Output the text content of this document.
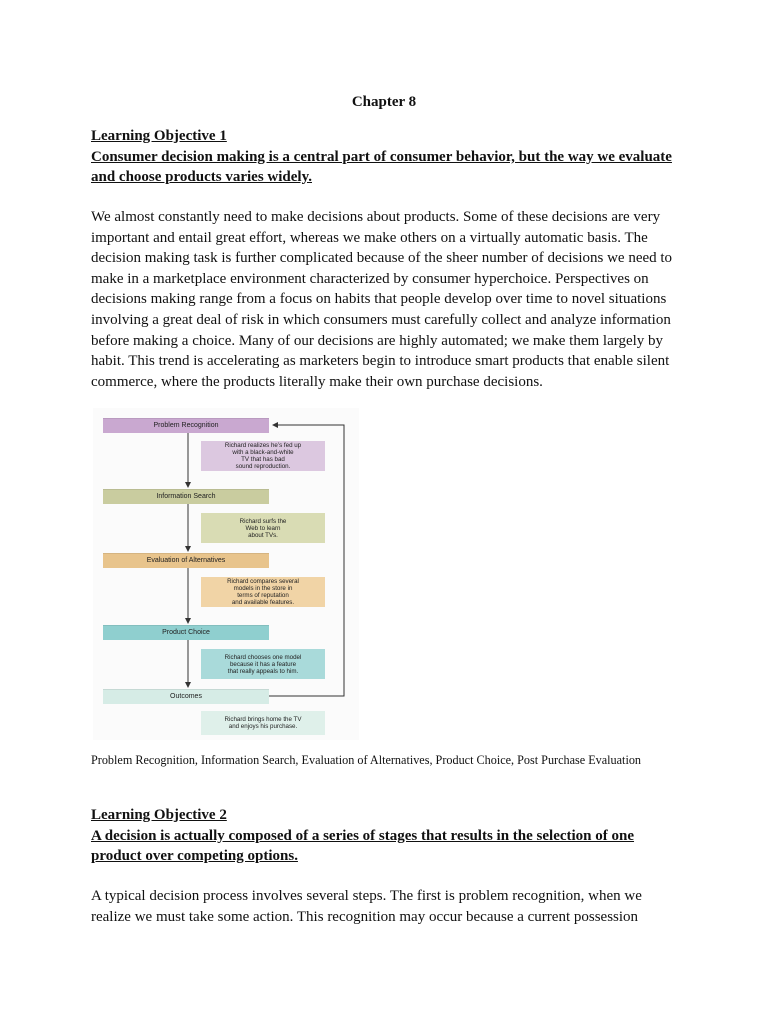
Chapter 8
Learning Objective 1
Consumer decision making is a central part of consumer behavior, but the way we evaluate
and choose products varies widely.
We almost constantly need to make decisions about products. Some of these decisions are very
important and entail great effort, whereas we make others on a virtually automatic basis. The
decision making task is further complicated because of the sheer number of decisions we need to
make in a marketplace environment characterized by consumer hyperchoice. Perspectives on
decisions making range from a focus on habits that people develop over time to novel situations
involving a great deal of risk in which consumers must carefully collect and analyze information
before making a choice. Many of our decisions are highly automated; we make them largely by
habit. This trend is accelerating as marketers begin to introduce smart products that enable silent
commerce, where the products literally make their own purchase decisions.
Problem Recognition
Richard realizes he’s fed up
with a black-and-white
TV that has bad
sound reproduction.
Information Search
Richard surfs the
Web to learn
about TVs.
Evaluation of Alternatives
Richard compares several
models in the store in
terms of reputation
and available features.
Product Choice
Richard chooses one model
because it has a feature
that really appeals to him.
Outcomes
Richard brings home the TV
and enjoys his purchase.
Problem Recognition, Information Search, Evaluation of Alternatives, Product Choice, Post Purchase Evaluation
Learning Objective 2
A decision is actually composed of a series of stages that results in the selection of one
product over competing options.
A typical decision process involves several steps. The first is problem recognition, when we
realize we must take some action. This recognition may occur because a current possession
